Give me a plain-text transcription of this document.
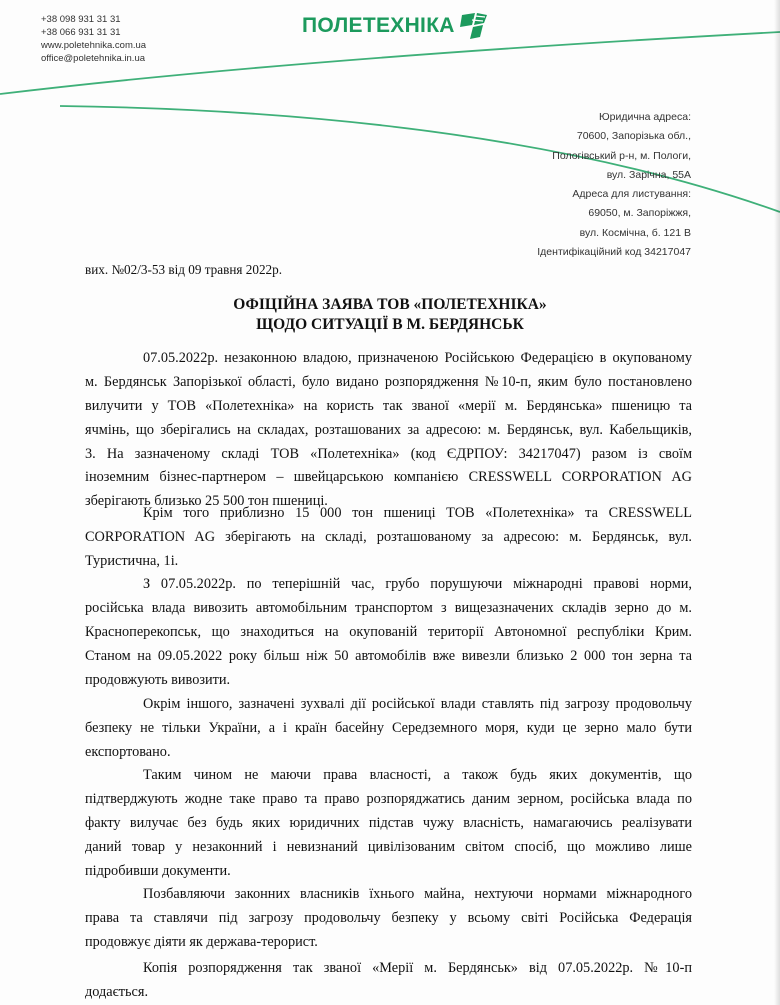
+38 098 931 31 31
+38 066 931 31 31
www.poletehnika.com.ua
office@poletehnika.in.ua
ПОЛЕТЕХНІКА
Юридична адреса:
70600, Запорізька обл.,
Пологівський р-н, м. Пологи,
вул. Зарічна, 55А
Адреса для листування:
69050, м. Запоріжжя,
вул. Космічна, б. 121 В
Ідентифікаційний код 34217047
вих. №02/3-53 від 09 травня 2022р.
ОФІЦІЙНА ЗАЯВА ТОВ «ПОЛЕТЕХНІКА»
ЩОДО СИТУАЦІЇ В М. БЕРДЯНСЬК
07.05.2022р. незаконною владою, призначеною Російською Федерацією в окупованому
м. Бердянськ Запорізької області, було видано розпорядження №10-п, яким було постановлено
вилучити у ТОВ «Полетехніка» на користь так званої «мерії м. Бердянська» пшеницю та
ячмінь, що зберігались на складах, розташованих за адресою: м. Бердянськ, вул. Кабельщиків,
3. На зазначеному складі ТОВ «Полетехніка» (код ЄДРПОУ: 34217047) разом із своїм
іноземним бізнес-партнером – швейцарською компанією CRESSWELL CORPORATION AG
зберігають близько 25 500 тон пшениці.
Крім того приблизно 15 000 тон пшениці ТОВ «Полетехніка» та CRESSWELL
CORPORATION AG зберігають на складі, розташованому за адресою: м. Бердянськ, вул.
Туристична, 1і.
З 07.05.2022р. по теперішній час, грубо порушуючи міжнародні правові норми,
російська влада вивозить автомобільним транспортом з вищезазначених складів зерно до м.
Красноперекопськ, що знаходиться на окупованій території Автономної республіки Крим.
Станом на 09.05.2022 року більш ніж 50 автомобілів вже вивезли близько 2 000 тон зерна та
продовжують вивозити.
Окрім іншого, зазначені зухвалі дії російської влади ставлять під загрозу продовольчу
безпеку не тільки України, а і країн басейну Середземного моря, куди це зерно мало бути
експортовано.
Таким чином не маючи права власності, а також будь яких документів, що
підтверджують жодне таке право та право розпоряджатись даним зерном, російська влада по
факту вилучає без будь яких юридичних підстав чужу власність, намагаючись реалізувати
даний товар у незаконний і невизнаний цивілізованим світом спосіб, що можливо лише
підробивши документи.
Позбавляючи законних власників їхнього майна, нехтуючи нормами міжнародного
права та ставлячи під загрозу продовольчу безпеку у всьому світі Російська Федерація
продовжує діяти як держава-терорист.
Копія розпорядження так званої «Мерії м. Бердянськ» від 07.05.2022р. №10-п
додається.
